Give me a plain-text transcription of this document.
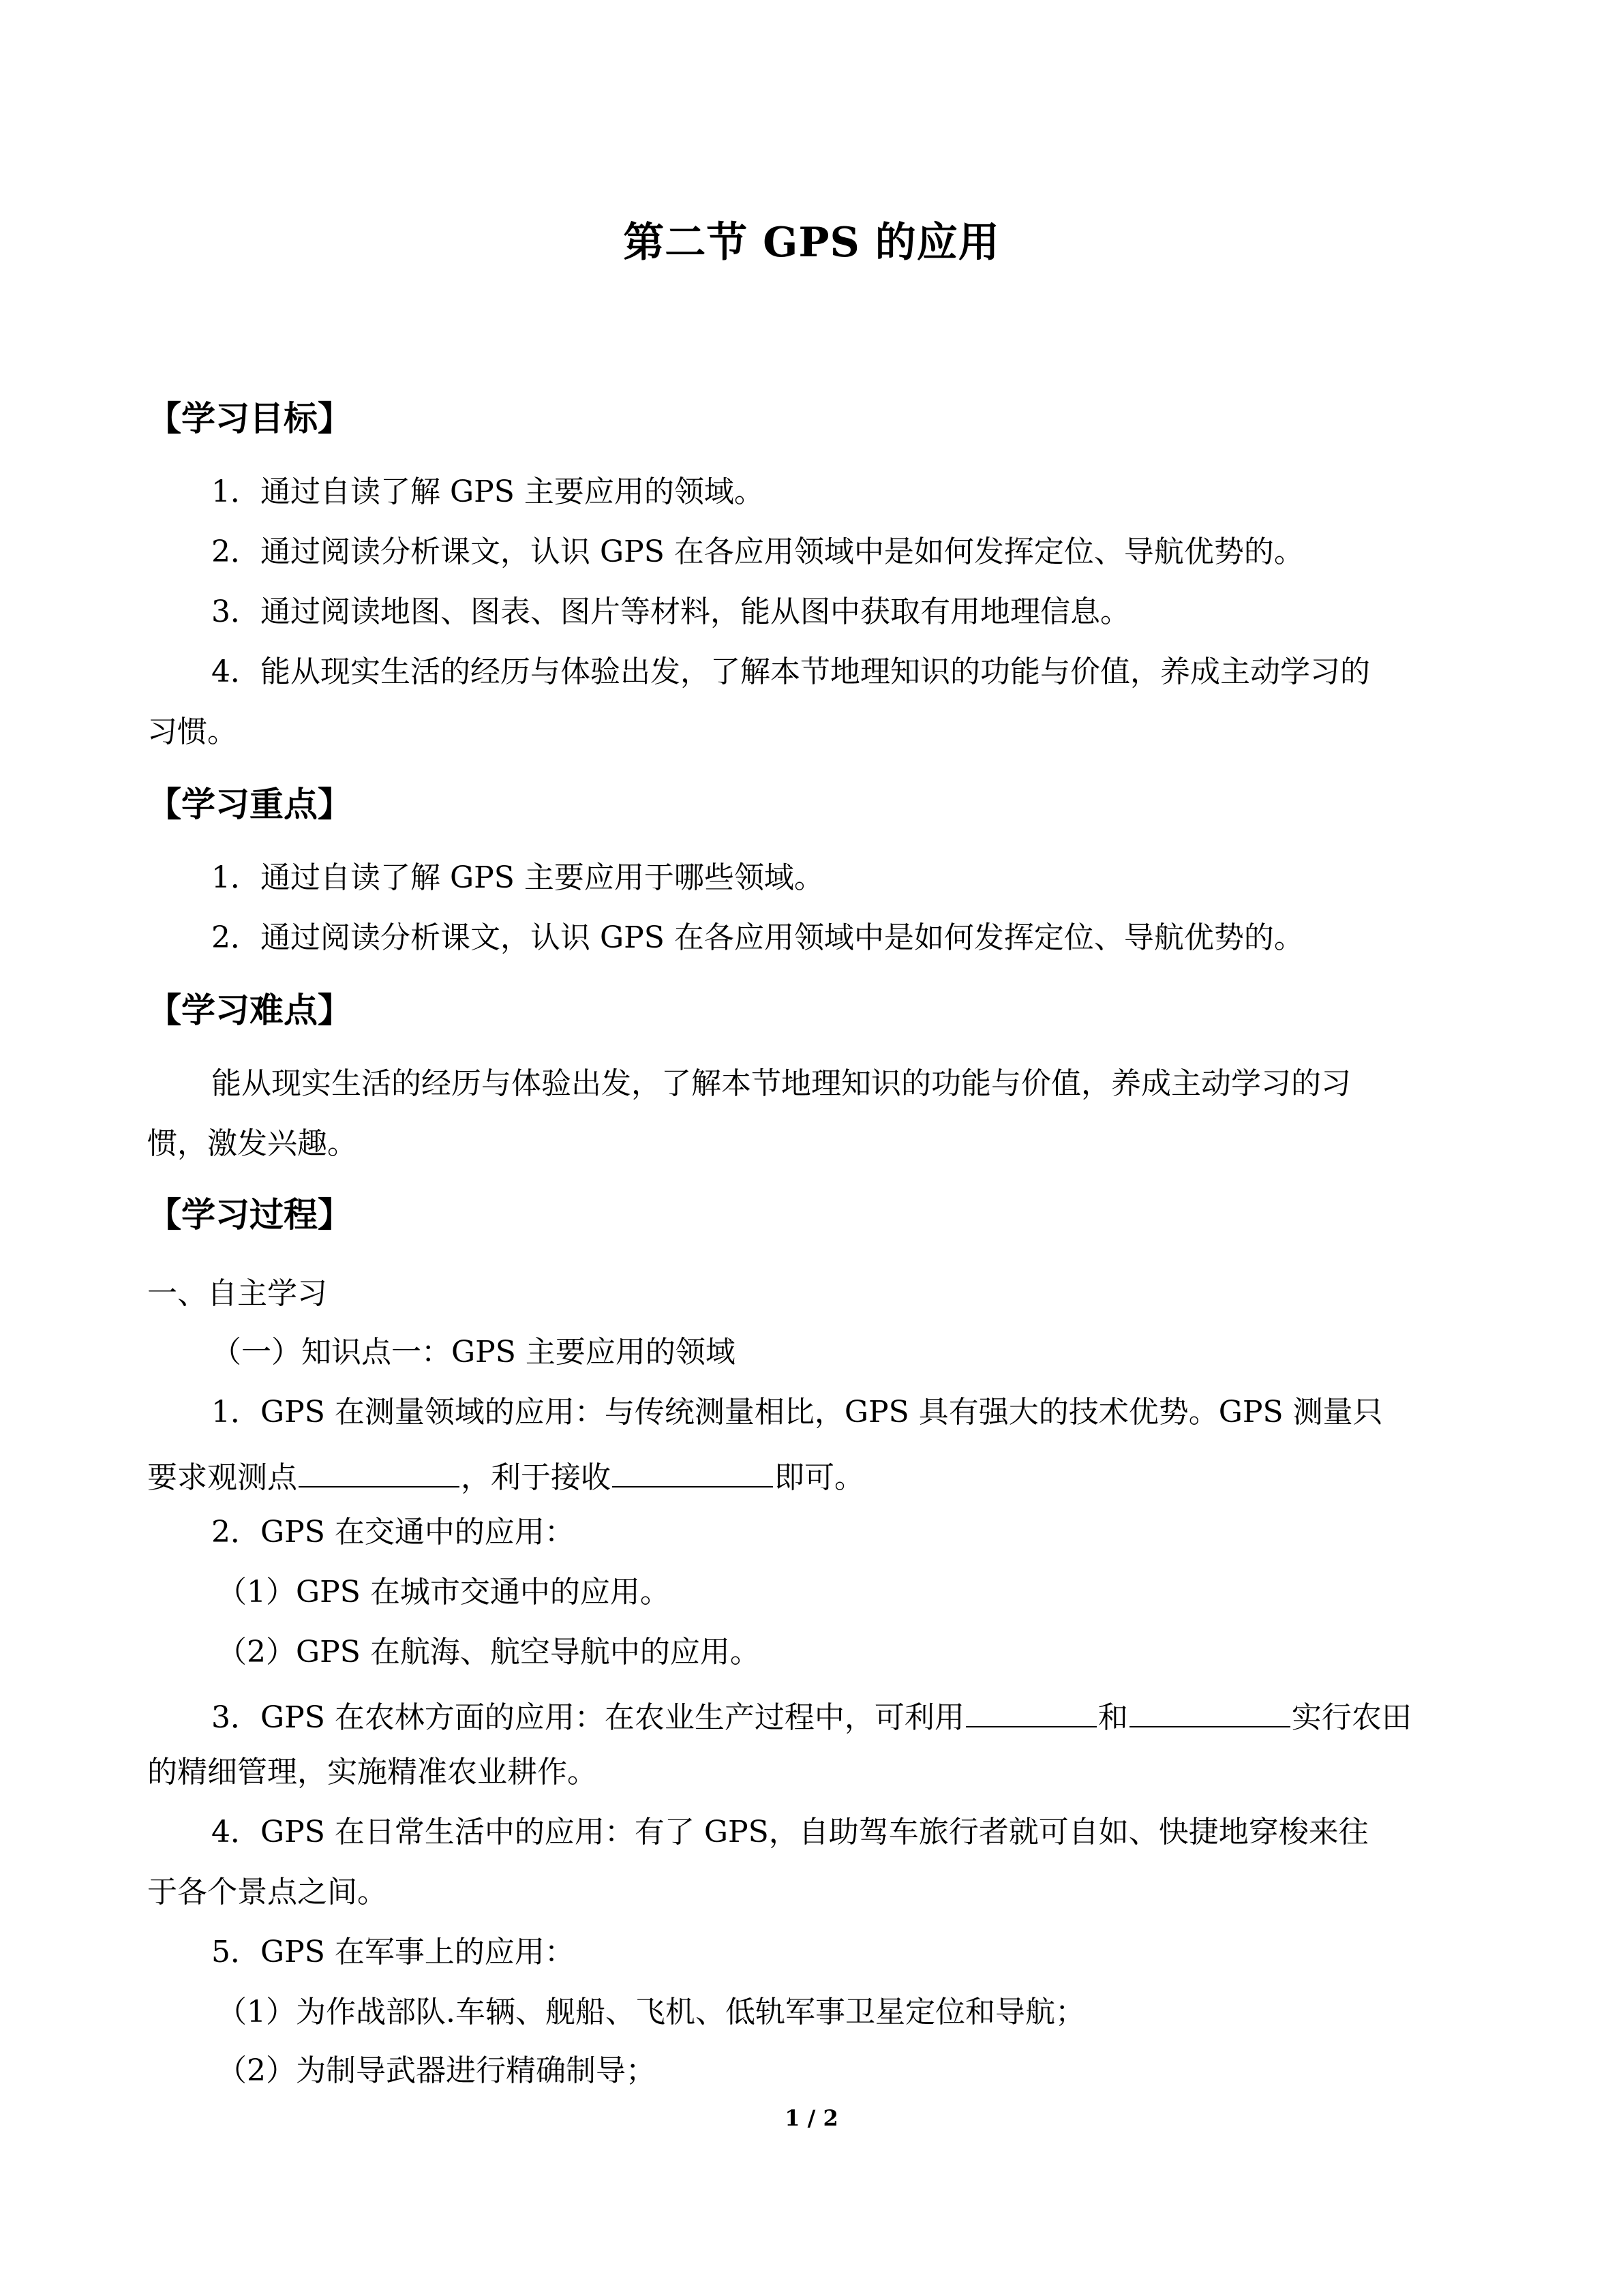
第二节 GPS 的应用
【学习目标】
1．通过自读了解 GPS 主要应用的领域。
2．通过阅读分析课文，认识 GPS 在各应用领域中是如何发挥定位、导航优势的。
3．通过阅读地图、图表、图片等材料，能从图中获取有用地理信息。
4．能从现实生活的经历与体验出发，了解本节地理知识的功能与价值，养成主动学习的
习惯。
【学习重点】
1．通过自读了解 GPS 主要应用于哪些领域。
2．通过阅读分析课文，认识 GPS 在各应用领域中是如何发挥定位、导航优势的。
【学习难点】
能从现实生活的经历与体验出发，了解本节地理知识的功能与价值，养成主动学习的习
惯，激发兴趣。
【学习过程】
一、自主学习
（一）知识点一：GPS 主要应用的领域
1．GPS 在测量领域的应用：与传统测量相比，GPS 具有强大的技术优势。GPS 测量只
要求观测点	，利于接收	即可。
2．GPS 在交通中的应用：
（1）GPS 在城市交通中的应用。
（2）GPS 在航海、航空导航中的应用。
3．GPS 在农林方面的应用：在农业生产过程中，可利用	和	实行农田
的精细管理，实施精准农业耕作。
4．GPS 在日常生活中的应用：有了 GPS，自助驾车旅行者就可自如、快捷地穿梭来往
于各个景点之间。
5．GPS 在军事上的应用：
（1）为作战部队.车辆、舰船、飞机、低轨军事卫星定位和导航；
（2）为制导武器进行精确制导；
1 / 2
